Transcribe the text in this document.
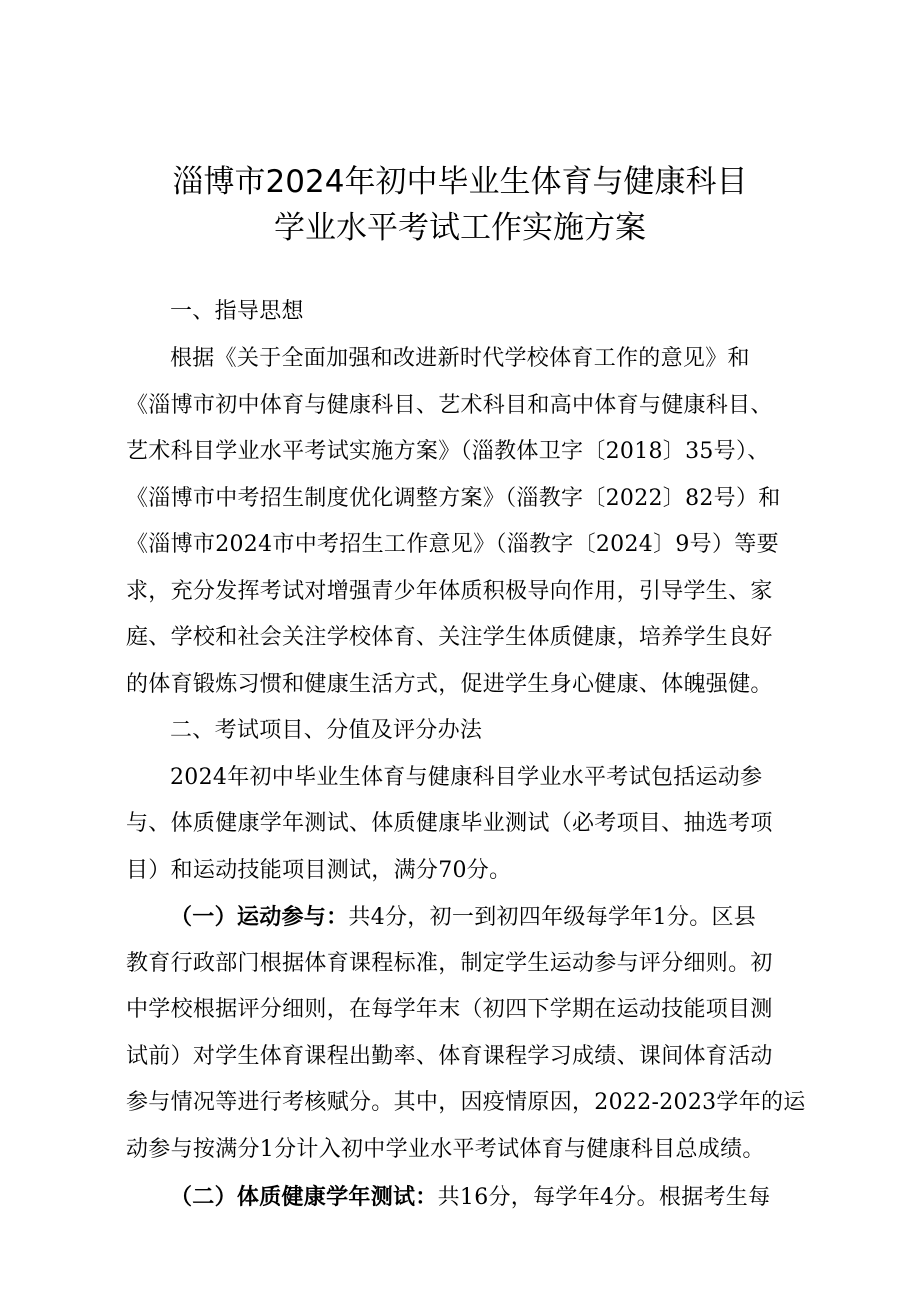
淄博市2024年初中毕业生体育与健康科目
学业水平考试工作实施方案
一、指导思想
根据《关于全面加强和改进新时代学校体育工作的意见》和
《淄博市初中体育与健康科目、艺术科目和高中体育与健康科目、
艺术科目学业水平考试实施方案》（淄教体卫字〔2018〕35号）、
《淄博市中考招生制度优化调整方案》（淄教字〔2022〕82号）和
《淄博市2024市中考招生工作意见》（淄教字〔2024〕9号）等要
求，充分发挥考试对增强青少年体质积极导向作用，引导学生、家
庭、学校和社会关注学校体育、关注学生体质健康，培养学生良好
的体育锻炼习惯和健康生活方式，促进学生身心健康、体魄强健。
二、考试项目、分值及评分办法
2024年初中毕业生体育与健康科目学业水平考试包括运动参
与、体质健康学年测试、体质健康毕业测试（必考项目、抽选考项
目）和运动技能项目测试，满分70分。
（一）运动参与：共4分，初一到初四年级每学年1分。区县
教育行政部门根据体育课程标准，制定学生运动参与评分细则。初
中学校根据评分细则，在每学年末（初四下学期在运动技能项目测
试前）对学生体育课程出勤率、体育课程学习成绩、课间体育活动
参与情况等进行考核赋分。其中，因疫情原因，2022-2023学年的运
动参与按满分1分计入初中学业水平考试体育与健康科目总成绩。
（二）体质健康学年测试：共16分，每学年4分。根据考生每
